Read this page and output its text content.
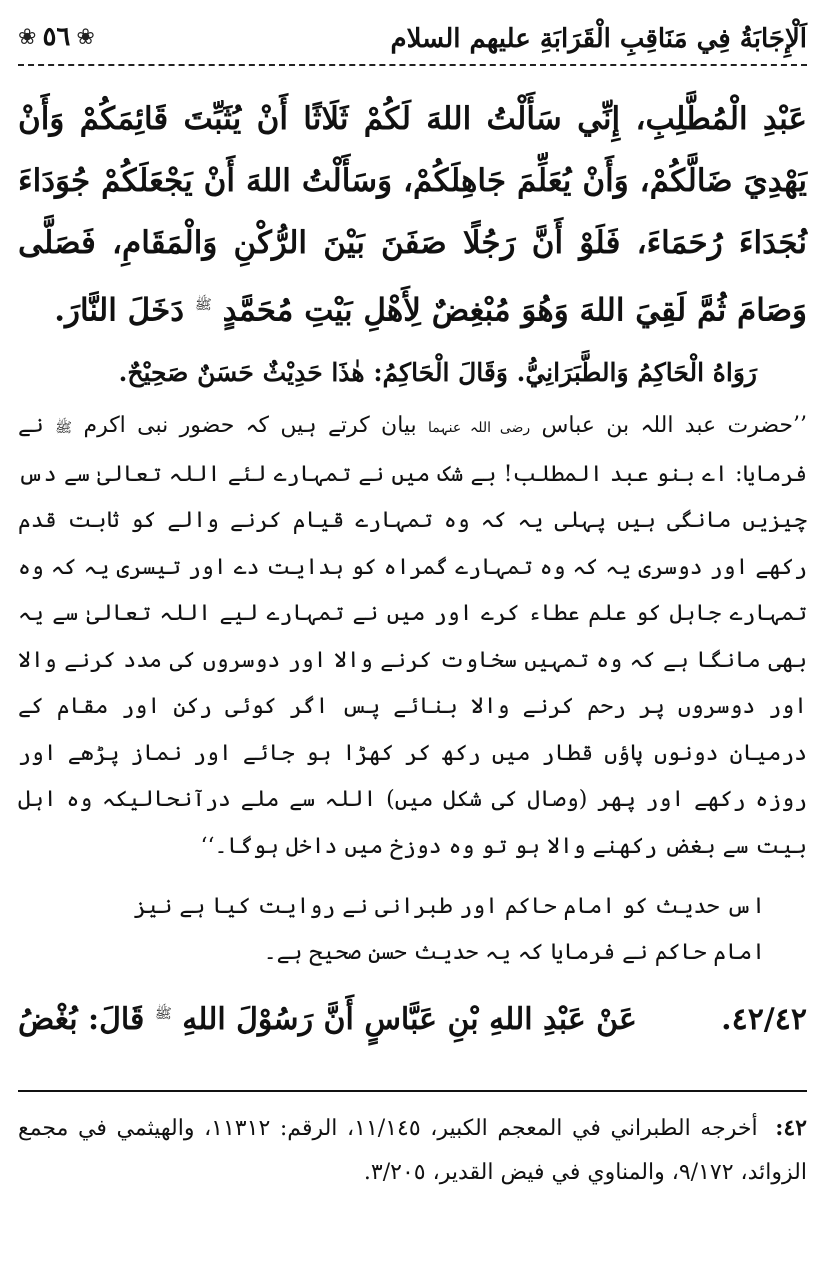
اَلْإِجَابَةُ فِي مَنَاقِبِ الْقَرَابَةِ عليهم السلام
❀ ٥٦ ❀
عَبْدِ الْمُطَّلِبِ، إِنِّي سَأَلْتُ اللهَ لَكُمْ ثَلَاثًا أَنْ يُثَبِّتَ قَائِمَكُمْ وَأَنْ يَهْدِيَ ضَالَّكُمْ، وَأَنْ يُعَلِّمَ جَاهِلَكُمْ، وَسَأَلْتُ اللهَ أَنْ يَجْعَلَكُمْ جُوَدَاءَ نُجَدَاءَ رُحَمَاءَ، فَلَوْ أَنَّ رَجُلًا صَفَنَ بَيْنَ الرُّكْنِ وَالْمَقَامِ، فَصَلَّى وَصَامَ ثُمَّ لَقِيَ اللهَ وَهُوَ مُبْغِضٌ لِأَهْلِ بَيْتِ مُحَمَّدٍ $^ﷺ$ دَخَلَ النَّارَ.
رَوَاهُ الْحَاكِمُ وَالطَّبَرَانِيُّ. وَقَالَ الْحَاكِمُ: هٰذَا حَدِيْثٌ حَسَنٌ صَحِيْحٌ.
’’حضرت عبد اللہ بن عباس رضی اللہ عنہما بیان کرتے ہیں کہ حضور نبی اکرم ﷺ نے فرمایا: اے بنو عبد المطلب! بے شک میں نے تمہارے لئے اللہ تعالیٰ سے دس چیزیں مانگی ہیں پہلی یہ کہ وہ تمہارے قیام کرنے والے کو ثابت قدم رکھے اور دوسری یہ کہ وہ تمہارے گمراہ کو ہدایت دے اور تیسری یہ کہ وہ تمہارے جاہل کو علم عطاء کرے اور میں نے تمہارے لیے اللہ تعالیٰ سے یہ بھی مانگا ہے کہ وہ تمہیں سخاوت کرنے والا اور دوسروں کی مدد کرنے والا اور دوسروں پر رحم کرنے والا بنائے پس اگر کوئی رکن اور مقام کے درمیان دونوں پاؤں قطار میں رکھ کر کھڑا ہو جائے اور نماز پڑھے اور روزہ رکھے اور پھر (وصال کی شکل میں) اللہ سے ملے درآنحالیکہ وہ اہل بیت سے بغض رکھنے والا ہو تو وہ دوزخ میں داخل ہوگا۔‘‘
اس حدیث کو امام حاکم اور طبرانی نے روایت کیا ہے نیز امام حاکم نے فرمایا کہ یہ حدیث حسن صحیح ہے۔
٤٢/٤٢.
عَنْ عَبْدِ اللهِ بْنِ عَبَّاسٍ أَنَّ رَسُوْلَ اللهِ $^ﷺ$ قَالَ: بُغْضُ
٤٢: أخرجه الطبراني في المعجم الكبير، ١١/١٤٥، الرقم: ١١٣١٢، والهيثمي في مجمع الزوائد، ٩/١٧٢، والمناوي في فيض القدير، ٣/٢٠٥.
